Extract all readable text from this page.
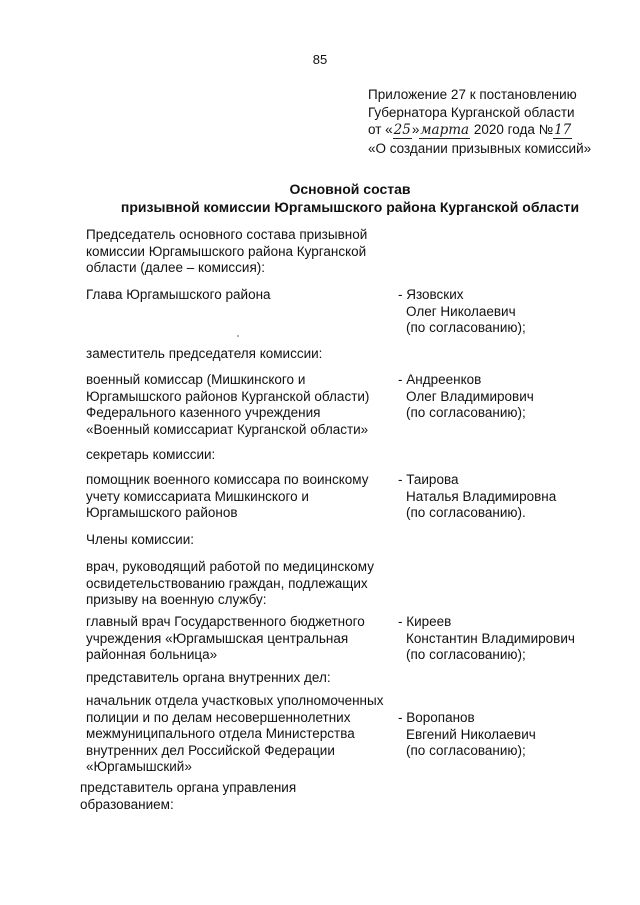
85
Приложение 27 к постановлению
Губернатора Курганской области
от «25»марта 2020 года №17
«О создании призывных комиссий»
Основной состав
призывной комиссии Юргамышского района Курганской области
Председатель основного состава призывной
комиссии Юргамышского района Курганской
области (далее – комиссия):
Глава Юргамышского района	- Язовских
Олег Николаевич
(по согласованию);
заместитель председателя комиссии:
военный комиссар (Мишкинского и
Юргамышского районов Курганской области)
Федерального казенного учреждения
«Военный комиссариат Курганской области»
- Андреенков
Олег Владимирович
(по согласованию);
секретарь комиссии:
помощник военного комиссара по воинскому
учету комиссариата Мишкинского и
Юргамышского районов
- Таирова
Наталья Владимировна
(по согласованию).
Члены комиссии:
врач, руководящий работой по медицинскому
освидетельствованию граждан, подлежащих
призыву на военную службу:
главный врач Государственного бюджетного
учреждения «Юргамышская центральная
районная больница»
- Киреев
Константин Владимирович
(по согласованию);
представитель органа внутренних дел:
начальник отдела участковых уполномоченных
полиции и по делам несовершеннолетних
межмуниципального отдела Министерства
внутренних дел Российской Федерации
«Юргамышский»
- Воропанов
Евгений Николаевич
(по согласованию);
представитель органа управления
образованием:
